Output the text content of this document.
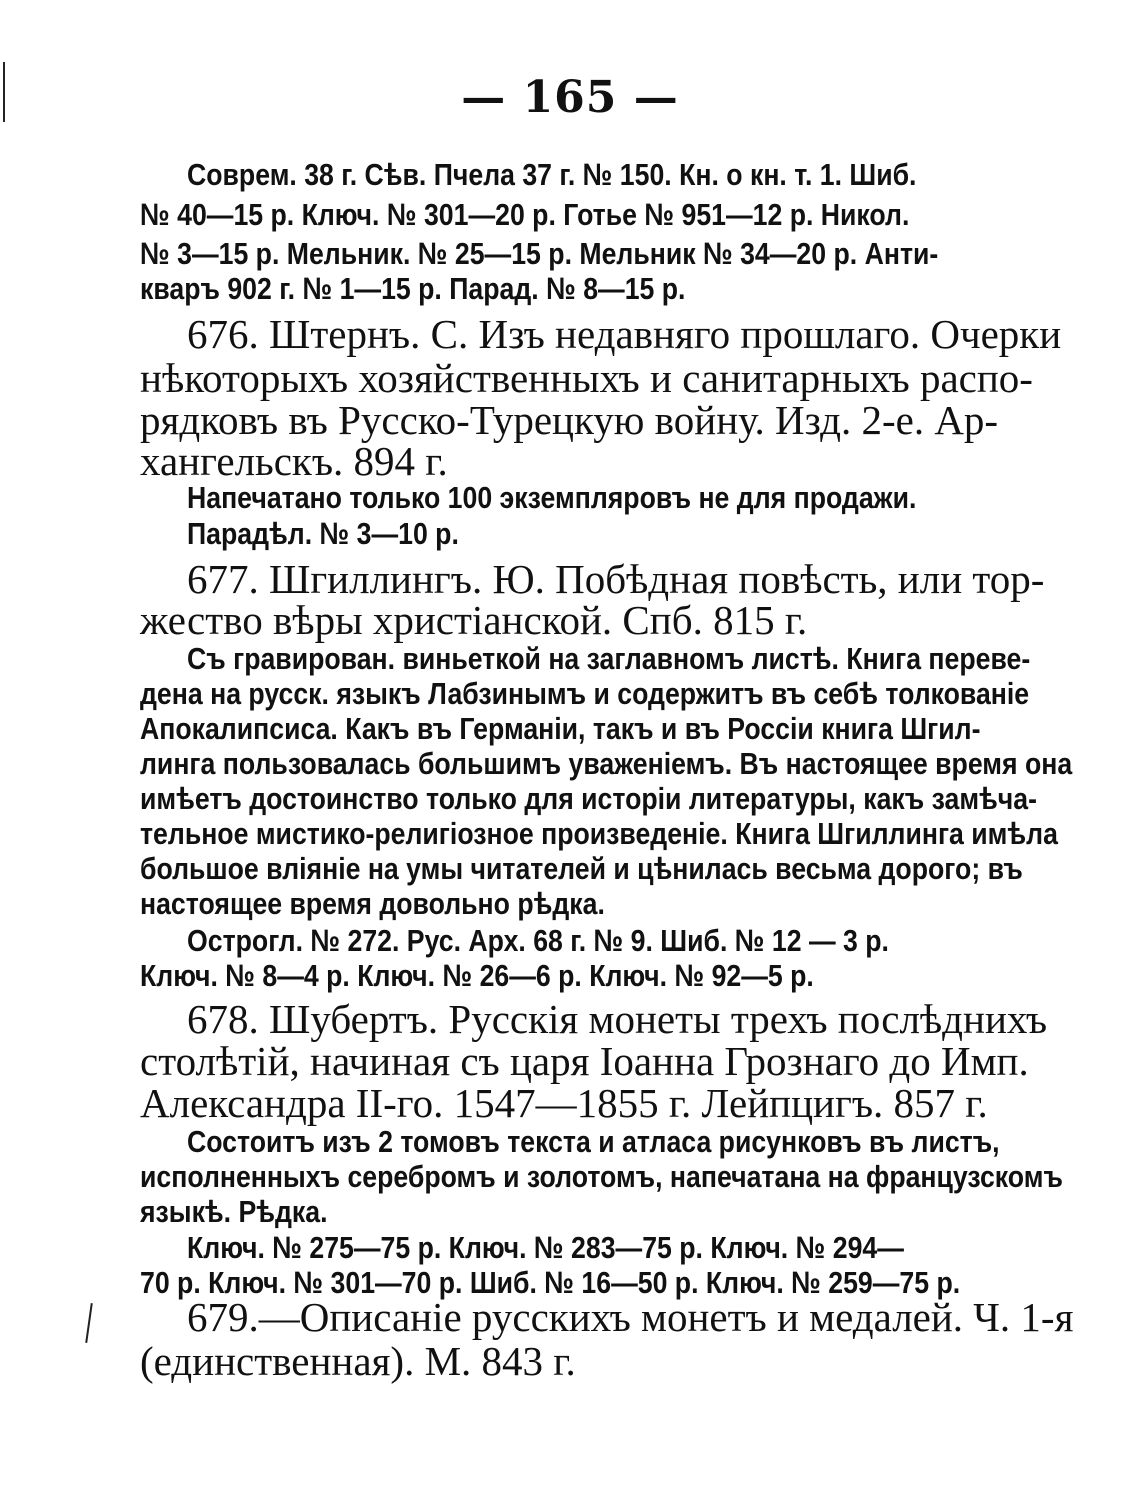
— 165 —
Соврем. 38 г. Сѣв. Пчела 37 г. № 150. Кн. о кн. т. 1. Шиб.
№ 40—15 р. Ключ. № 301—20 р. Готье № 951—12 р. Никол.
№ 3—15 р. Мельник. № 25—15 р. Мельник № 34—20 р. Анти-
кваръ 902 г. № 1—15 р. Парад. № 8—15 р.
676. Штернъ. С. Изъ недавняго прошлаго. Очерки
нѣкоторыхъ хозяйственныхъ и санитарныхъ распо-
рядковъ въ Русско-Турецкую войну. Изд. 2-е. Ар-
хангельскъ. 894 г.
Напечатано только 100 экземпляровъ не для продажи.
Парадѣл. № 3—10 р.
677. Шгиллингъ. Ю. Побѣдная повѣсть, или тор-
жество вѣры христіанской. Спб. 815 г.
Съ гравирован. виньеткой на заглавномъ листѣ. Книга переве-
дена на русск. языкъ Лабзинымъ и содержитъ въ себѣ толкованіе
Апокалипсиса. Какъ въ Германіи, такъ и въ Россіи книга Шгил-
линга пользовалась большимъ уваженіемъ. Въ настоящее время она
имѣетъ достоинство только для исторіи литературы, какъ замѣча-
тельное мистико-религіозное произведеніе. Книга Шгиллинга имѣла
большое вліяніе на умы читателей и цѣнилась весьма дорого; въ
настоящее время довольно рѣдка.
Острогл. № 272. Рус. Арх. 68 г. № 9. Шиб. № 12 — 3 р.
Ключ. № 8—4 р. Ключ. № 26—6 р. Ключ. № 92—5 р.
678. Шубертъ. Русскія монеты трехъ послѣднихъ
столѣтій, начиная съ царя Іоанна Грознаго до Имп.
Александра II-го. 1547—1855 г. Лейпцигъ. 857 г.
Состоитъ изъ 2 томовъ текста и атласа рисунковъ въ листъ,
исполненныхъ серебромъ и золотомъ, напечатана на французскомъ
языкѣ. Рѣдка.
Ключ. № 275—75 р. Ключ. № 283—75 р. Ключ. № 294—
70 р. Ключ. № 301—70 р. Шиб. № 16—50 р. Ключ. № 259—75 р.
679.—Описаніе русскихъ монетъ и медалей. Ч. 1-я
(единственная). М. 843 г.
